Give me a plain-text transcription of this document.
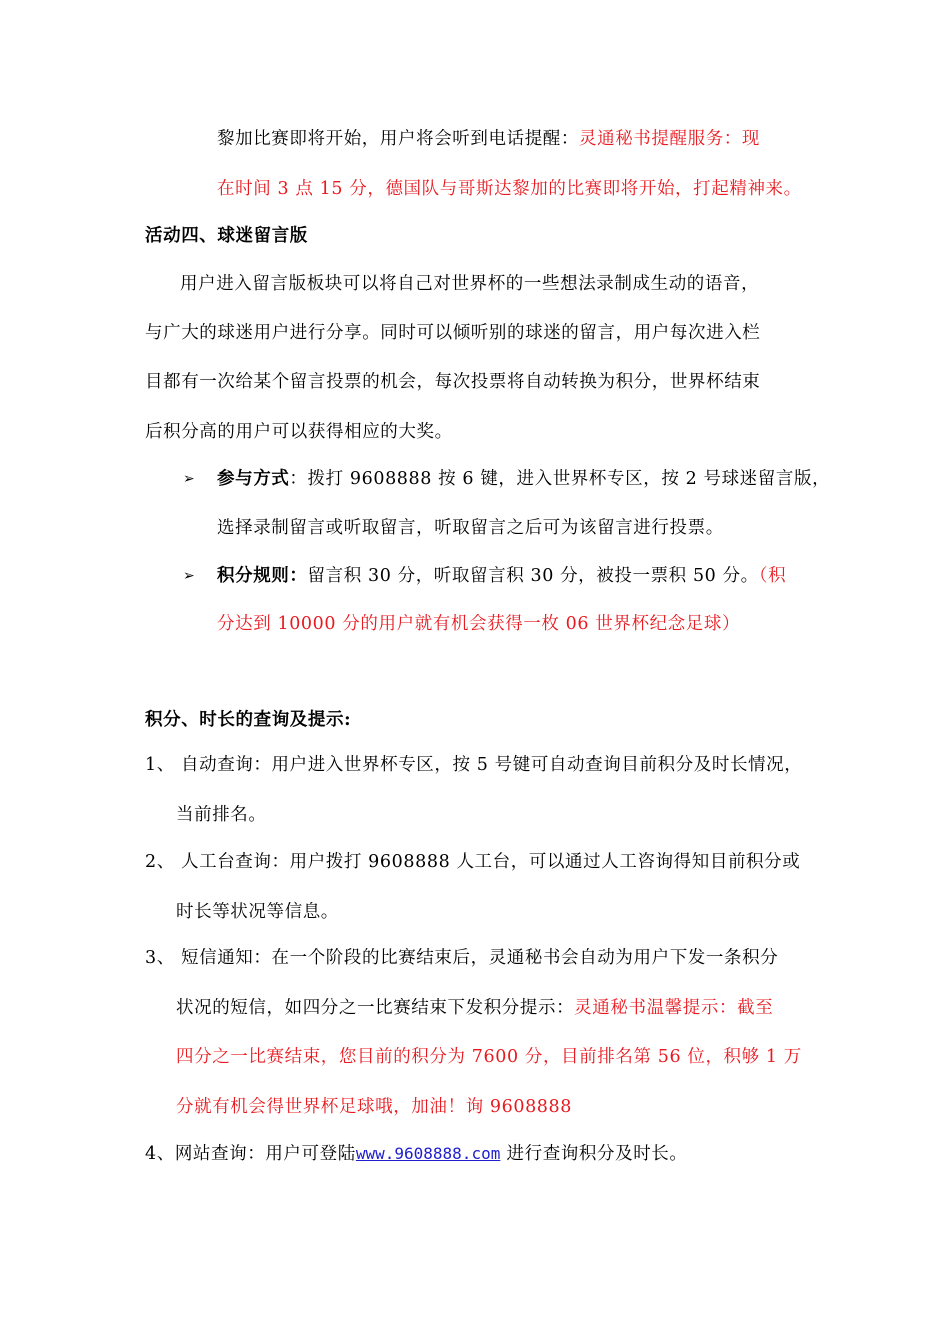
黎加比赛即将开始，用户将会听到电话提醒：灵通秘书提醒服务：现
在时间 3 点 15 分，德国队与哥斯达黎加的比赛即将开始，打起精神来。
活动四、球迷留言版
用户进入留言版板块可以将自己对世界杯的一些想法录制成生动的语音，
与广大的球迷用户进行分享。同时可以倾听别的球迷的留言，用户每次进入栏
目都有一次给某个留言投票的机会，每次投票将自动转换为积分，世界杯结束
后积分高的用户可以获得相应的大奖。
➢ 参与方式：拨打 9608888 按 6 键，进入世界杯专区，按 2 号球迷留言版，
选择录制留言或听取留言，听取留言之后可为该留言进行投票。
➢ 积分规则：留言积 30 分，听取留言积 30 分，被投一票积 50 分。（积
分达到 10000 分的用户就有机会获得一枚 06 世界杯纪念足球）
积分、时长的查询及提示:
1、 自动查询：用户进入世界杯专区，按 5 号键可自动查询目前积分及时长情况，
当前排名。
2、 人工台查询：用户拨打 9608888 人工台，可以通过人工咨询得知目前积分或
时长等状况等信息。
3、 短信通知：在一个阶段的比赛结束后，灵通秘书会自动为用户下发一条积分
状况的短信，如四分之一比赛结束下发积分提示：灵通秘书温馨提示：截至
四分之一比赛结束，您目前的积分为 7600 分，目前排名第 56 位，积够 1 万
分就有机会得世界杯足球哦，加油！询 9608888
4、网站查询：用户可登陆www.9608888.com 进行查询积分及时长。
